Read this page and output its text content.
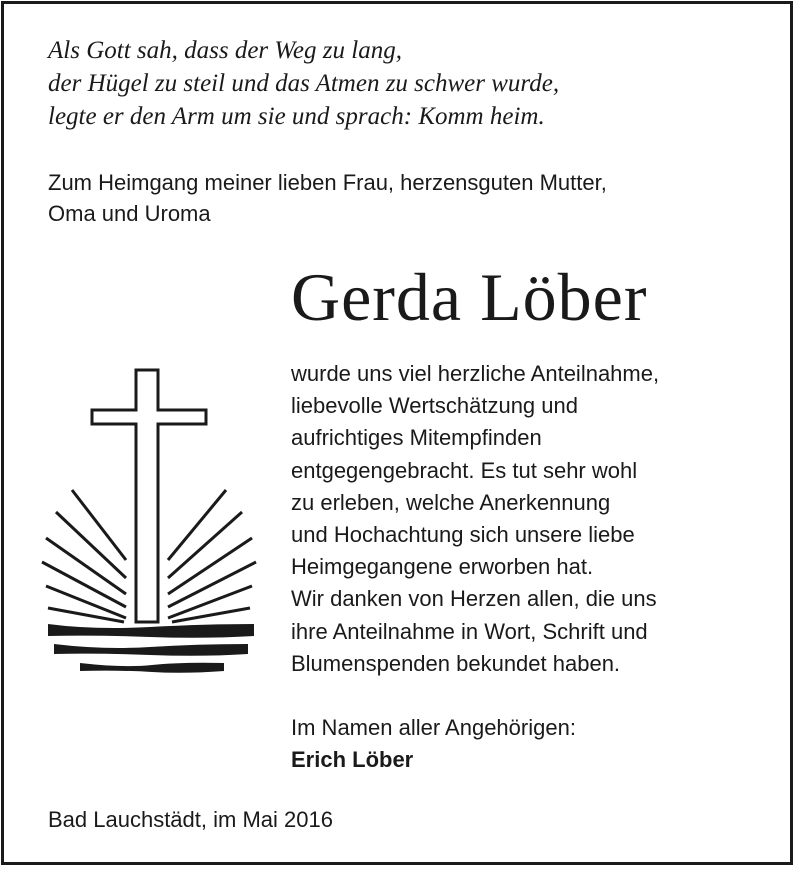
Als Gott sah, dass der Weg zu lang,
der Hügel zu steil und das Atmen zu schwer wurde,
legte er den Arm um sie und sprach: Komm heim.
Zum Heimgang meiner lieben Frau, herzensguten Mutter,
Oma und Uroma
Gerda Löber
wurde uns viel herzliche Anteilnahme,
liebevolle Wertschätzung und
aufrichtiges Mitempfinden
entgegengebracht. Es tut sehr wohl
zu erleben, welche Anerkennung
und Hochachtung sich unsere liebe
Heimgegangene erworben hat.
Wir danken von Herzen allen, die uns
ihre Anteilnahme in Wort, Schrift und
Blumenspenden bekundet haben.
Im Namen aller Angehörigen:
Erich Löber
Bad Lauchstädt, im Mai 2016
